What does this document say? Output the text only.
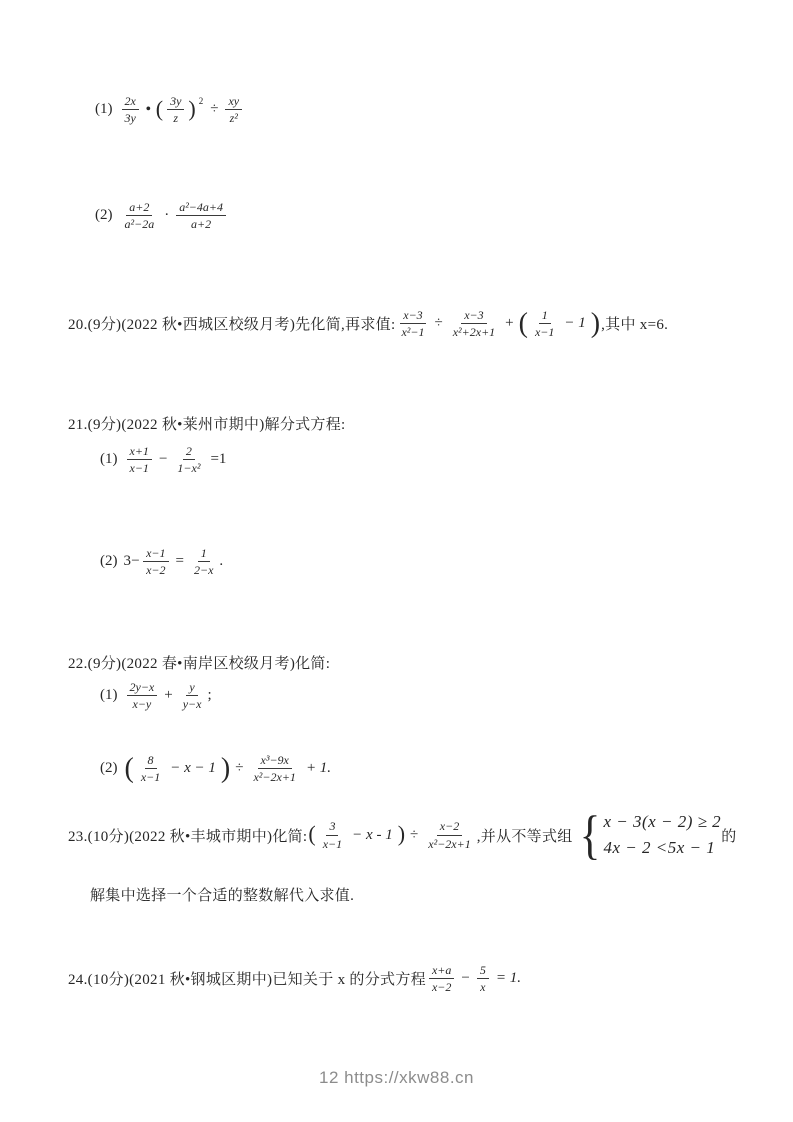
$(1) \frac{2x}{3y}$ • ( $\frac{3y}{z}$ ) 2
÷ $\frac{xy}{\text{z²}}$
$(2) \frac{a+2}{\text{a²−2a}} \cdot \frac{\text{a²−4a+4}}{a+2}$
20.(9分)(2022 秋•西城区校级月考)先化简,再求值: $\frac{x-3}{\text{x²−1}} \div \frac{x-3}{\text{x²+2x+1}}$ + ( $\frac{1}{x-1} - 1$ ) ,其中 x=6.
21.(9分)(2022 秋•莱州市期中)解分式方程:
$(1) \frac{x+1}{x-1} - \frac{2}{\text{1−x²}} =1$
(2) $3- \frac{x-1}{x-2} = \frac{1}{2-x}$ .
22.(9分)(2022 春•南岸区校级月考)化简:
$(1) \frac{2y-x}{x-y} + \frac{y}{y-x}$ ;
(2) ( $\frac{8}{x-1} - x - 1$ ) ÷ $\frac{\text{x³−9x}}{\text{x²−2x+1}} + 1$.
23.(10分)(2022 秋•丰城市期中)化简: ( $\frac{3}{x-1} - x - 1$ ) ÷ $\frac{x-2}{\text{x²−2x+1}}$ ,并从不等式组 { x − 3(x − 2) ≥ 2
4x − 2 <5x − 1
的
解集中选择一个合适的整数解代入求值.
24.(10分)(2021 秋•钢城区期中)已知关于 x 的分式方程 $\frac{x+a}{x-2} - \frac{5}{x} = 1$.
12 https://xkw88.cn
